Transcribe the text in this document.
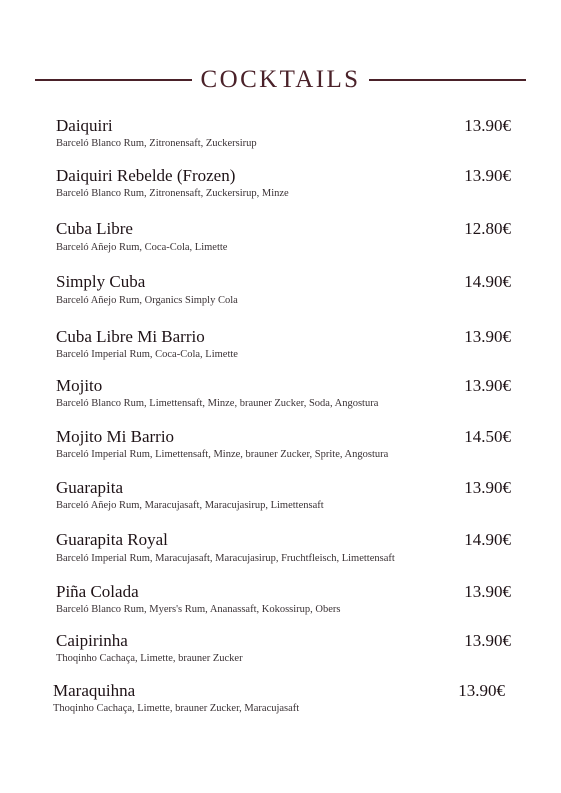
COCKTAILS
Daiquiri	13.90€
Barceló Blanco Rum, Zitronensaft, Zuckersirup
Daiquiri Rebelde (Frozen)	13.90€
Barceló Blanco Rum, Zitronensaft, Zuckersirup, Minze
Cuba Libre	12.80€
Barceló Añejo Rum, Coca-Cola, Limette
Simply Cuba	14.90€
Barceló Añejo Rum, Organics Simply Cola
Cuba Libre Mi Barrio	13.90€
Barceló Imperial Rum, Coca-Cola, Limette
Mojito	13.90€
Barceló Blanco Rum, Limettensaft, Minze, brauner Zucker, Soda, Angostura
Mojito Mi Barrio	14.50€
Barceló Imperial Rum, Limettensaft, Minze, brauner Zucker, Sprite, Angostura
Guarapita	13.90€
Barceló Añejo Rum, Maracujasaft, Maracujasirup, Limettensaft
Guarapita Royal	14.90€
Barceló Imperial Rum, Maracujasaft, Maracujasirup, Fruchtfleisch, Limettensaft
Piña Colada	13.90€
Barceló Blanco Rum, Myers's Rum, Ananassaft, Kokossirup, Obers
Caipirinha	13.90€
Thoqinho Cachaça, Limette, brauner Zucker
Maraquihna	13.90€
Thoqinho Cachaça, Limette, brauner Zucker, Maracujasaft
